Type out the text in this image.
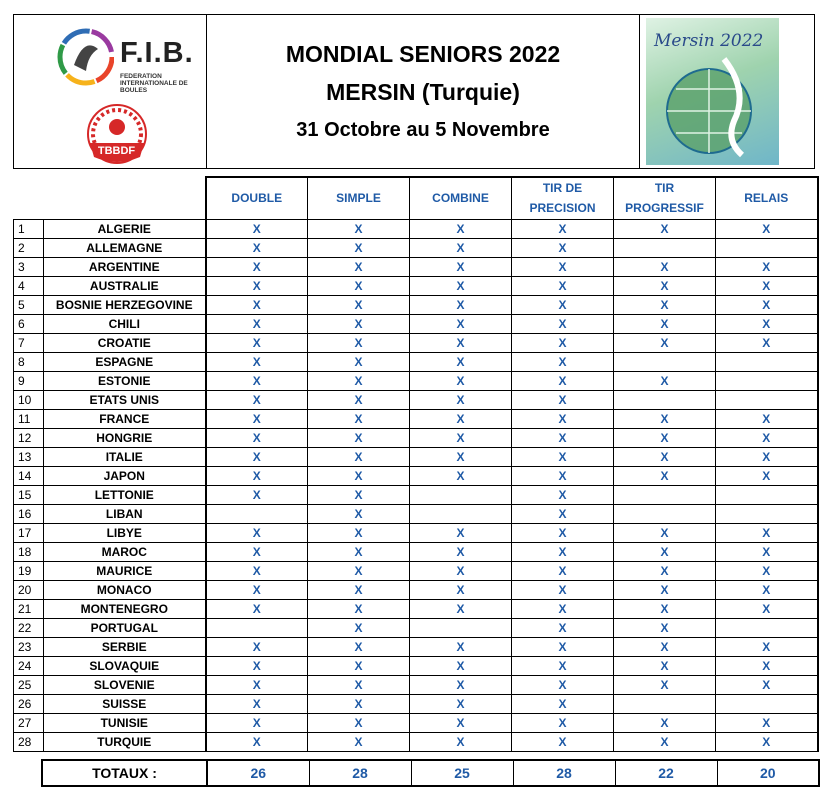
F.I.B.
FEDERATION INTERNATIONALE DE BOULES
TBBDF
MONDIAL SENIORS 2022
MERSIN (Turquie)
31 Octobre au 5 Novembre
Mersin 2022
		DOUBLE	SIMPLE	COMBINE	TIR DE PRECISION	TIR PROGRESSIF	RELAIS
1	ALGERIE	X	X	X	X	X	X
2	ALLEMAGNE	X	X	X	X		
3	ARGENTINE	X	X	X	X	X	X
4	AUSTRALIE	X	X	X	X	X	X
5	BOSNIE HERZEGOVINE	X	X	X	X	X	X
6	CHILI	X	X	X	X	X	X
7	CROATIE	X	X	X	X	X	X
8	ESPAGNE	X	X	X	X		
9	ESTONIE	X	X	X	X	X	
10	ETATS UNIS	X	X	X	X		
11	FRANCE	X	X	X	X	X	X
12	HONGRIE	X	X	X	X	X	X
13	ITALIE	X	X	X	X	X	X
14	JAPON	X	X	X	X	X	X
15	LETTONIE	X	X		X		
16	LIBAN		X		X		
17	LIBYE	X	X	X	X	X	X
18	MAROC	X	X	X	X	X	X
19	MAURICE	X	X	X	X	X	X
20	MONACO	X	X	X	X	X	X
21	MONTENEGRO	X	X	X	X	X	X
22	PORTUGAL		X		X	X	
23	SERBIE	X	X	X	X	X	X
24	SLOVAQUIE	X	X	X	X	X	X
25	SLOVENIE	X	X	X	X	X	X
26	SUISSE	X	X	X	X		
27	TUNISIE	X	X	X	X	X	X
28	TURQUIE	X	X	X	X	X	X
TOTAUX :	26	28	25	28	22	20
